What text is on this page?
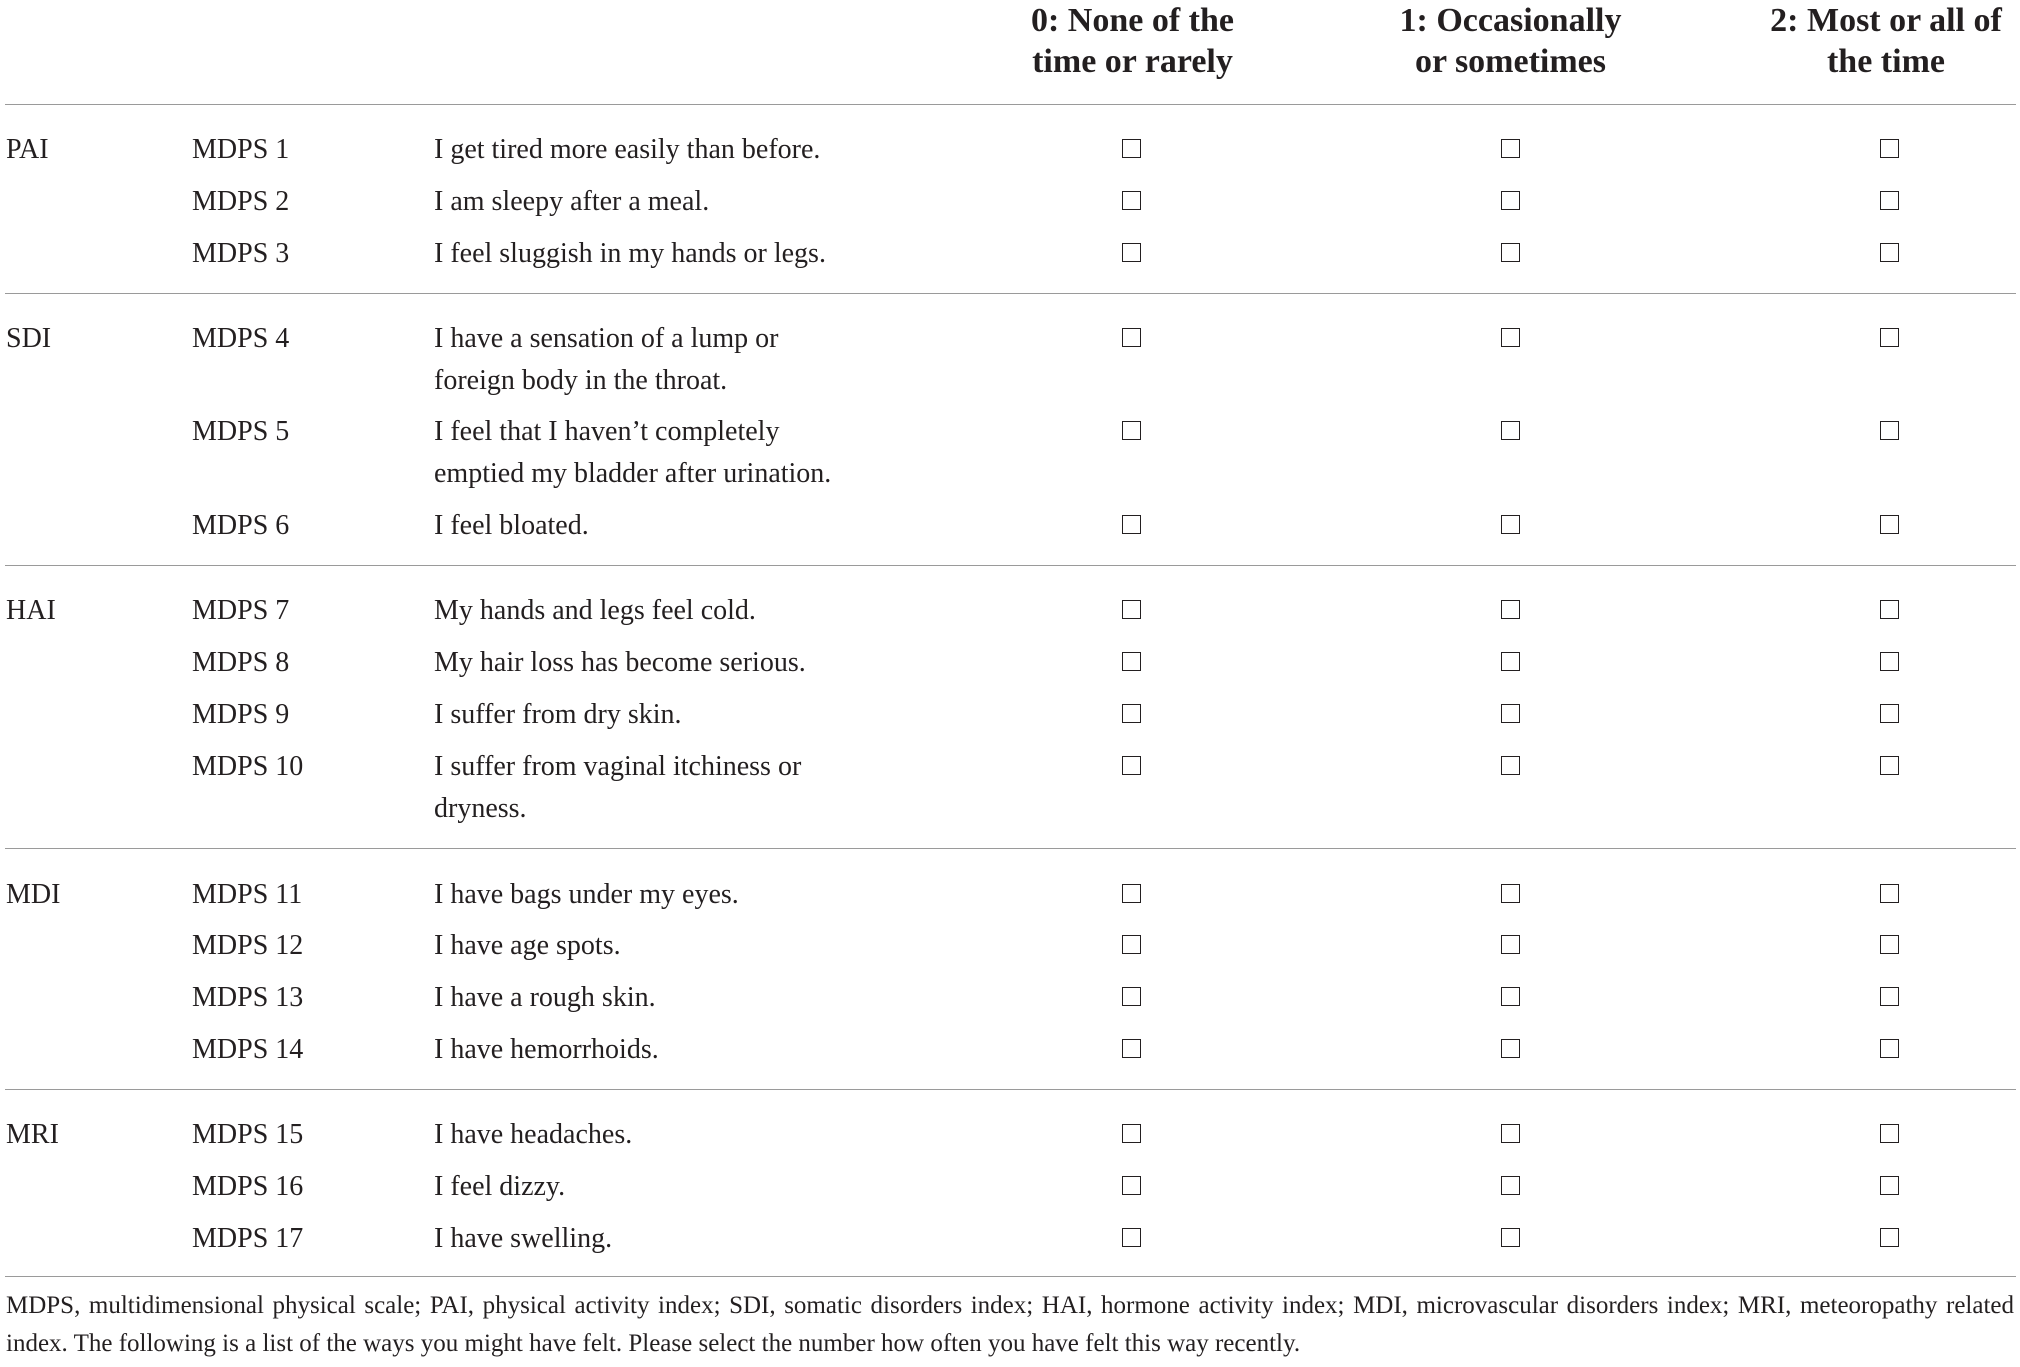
0: None of the
time or rarely
1: Occasionally
or sometimes
2: Most or all of
the time
PAI	MDPS 1	I get tired more easily than before.
MDPS 2	I am sleepy after a meal.
MDPS 3	I feel sluggish in my hands or legs.
SDI	MDPS 4	I have a sensation of a lump or
foreign body in the throat.
MDPS 5	I feel that I haven’t completely
emptied my bladder after urination.
MDPS 6	I feel bloated.
HAI	MDPS 7	My hands and legs feel cold.
MDPS 8	My hair loss has become serious.
MDPS 9	I suffer from dry skin.
MDPS 10	I suffer from vaginal itchiness or
dryness.
MDI	MDPS 11	I have bags under my eyes.
MDPS 12	I have age spots.
MDPS 13	I have a rough skin.
MDPS 14	I have hemorrhoids.
MRI	MDPS 15	I have headaches.
MDPS 16	I feel dizzy.
MDPS 17	I have swelling.
MDPS, multidimensional physical scale; PAI, physical activity index; SDI, somatic disorders index; HAI, hormone activity index; MDI, microvascular disorders index; MRI, meteoropathy related index. The following is a list of the ways you might have felt. Please select the number how often you have felt this way recently.
